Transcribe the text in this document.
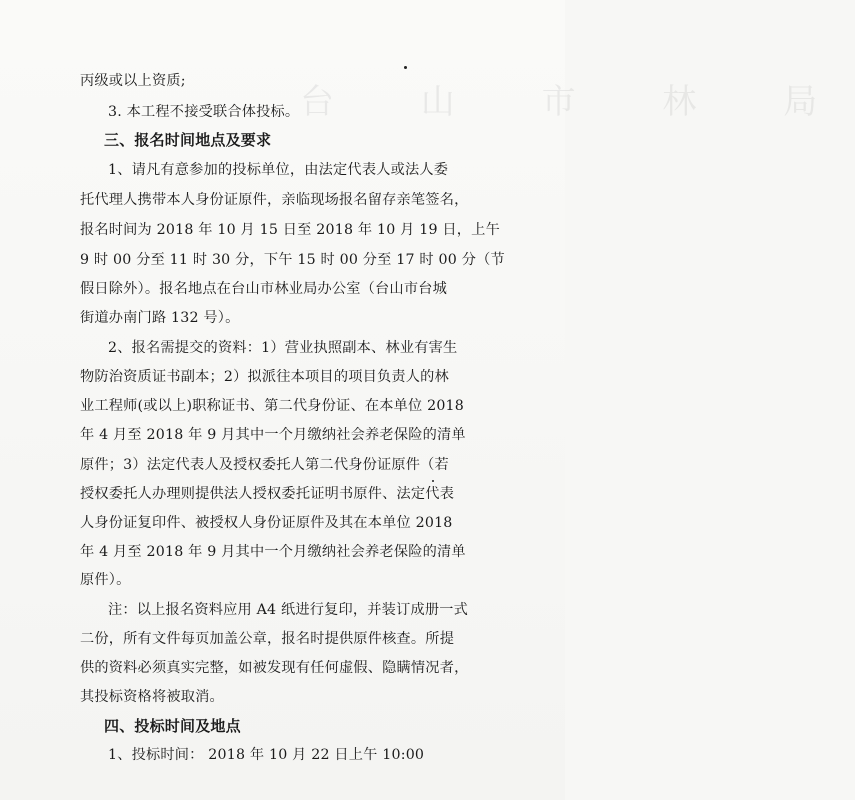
台 山 市 林 局
丙级或以上资质;
3. 本工程不接受联合体投标。
三、报名时间地点及要求
1、请凡有意参加的投标单位，由法定代表人或法人委
托代理人携带本人身份证原件，亲临现场报名留存亲笔签名，
报名时间为 2018 年 10 月 15 日至 2018 年 10 月 19 日，上午
9 时 00 分至 11 时 30 分，下午 15 时 00 分至 17 时 00 分（节
假日除外）。报名地点在台山市林业局办公室（台山市台城
街道办南门路 132 号）。
2、报名需提交的资料：1）营业执照副本、林业有害生
物防治资质证书副本；2）拟派往本项目的项目负责人的林
业工程师(或以上)职称证书、第二代身份证、在本单位 2018
年 4 月至 2018 年 9 月其中一个月缴纳社会养老保险的清单
原件；3）法定代表人及授权委托人第二代身份证原件（若
授权委托人办理则提供法人授权委托证明书原件、法定代表
人身份证复印件、被授权人身份证原件及其在本单位 2018
年 4 月至 2018 年 9 月其中一个月缴纳社会养老保险的清单
原件）。
注：以上报名资料应用 A4 纸进行复印，并装订成册一式
二份，所有文件每页加盖公章，报名时提供原件核查。所提
供的资料必须真实完整，如被发现有任何虚假、隐瞒情况者，
其投标资格将被取消。
四、投标时间及地点
1、投标时间： 2018 年 10 月 22 日上午 10:00
